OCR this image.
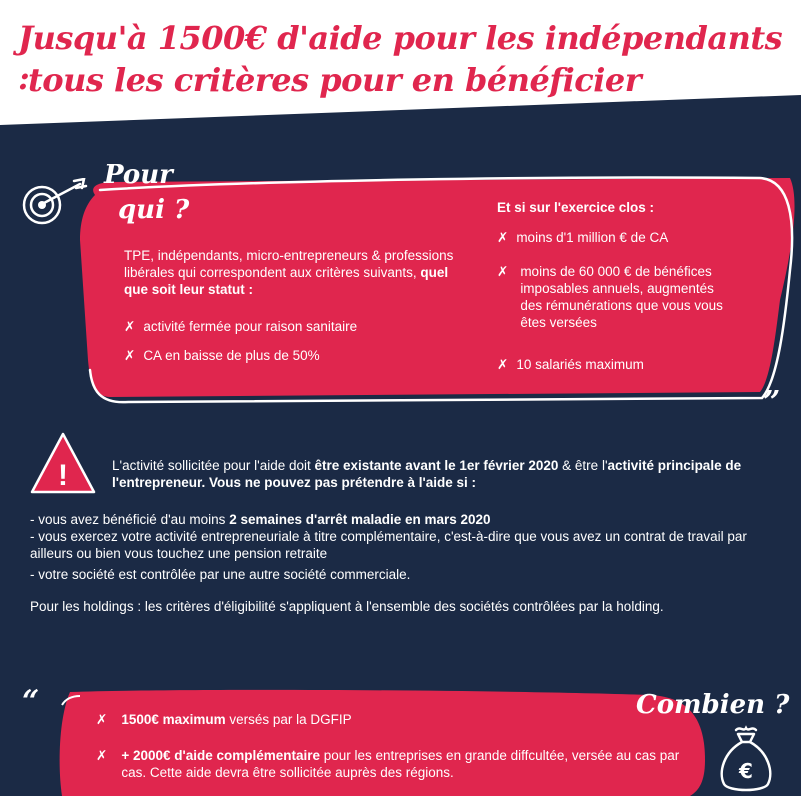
Jusqu'à 1500€ d'aide pour les indépendants :
tous les critères pour en bénéficier
Pour
qui ?
TPE, indépendants, micro-entrepreneurs & professions libérales qui correspondent aux critères suivants, quel que soit leur statut :
✗ activité fermée pour raison sanitaire
✗ CA en baisse de plus de 50%
Et si sur l'exercice clos :
✗ moins d'1 million € de CA
✗ moins de 60 000 € de bénéfices imposables annuels, augmentés des rémunérations que vous vous êtes versées
✗ 10 salariés maximum
”
!	L'activité sollicitée pour l'aide doit être existante avant le 1er février 2020 & être l'activité principale de l'entrepreneur. Vous ne pouvez pas prétendre à l'aide si :
- vous avez bénéficié d'au moins 2 semaines d'arrêt maladie en mars 2020
- vous exercez votre activité entrepreneuriale à titre complémentaire, c'est-à-dire que vous avez un contrat de travail par ailleurs ou bien vous touchez une pension retraite
- votre société est contrôlée par une autre société commerciale.
Pour les holdings : les critères d'éligibilité s'appliquent à l'ensemble des sociétés contrôlées par la holding.
“	Combien ?
✗ 1500€ maximum versés par la DGFIP
✗ + 2000€ d'aide complémentaire pour les entreprises en grande diffcultée, versée au cas par cas. Cette aide devra être sollicitée auprès des régions.	€
